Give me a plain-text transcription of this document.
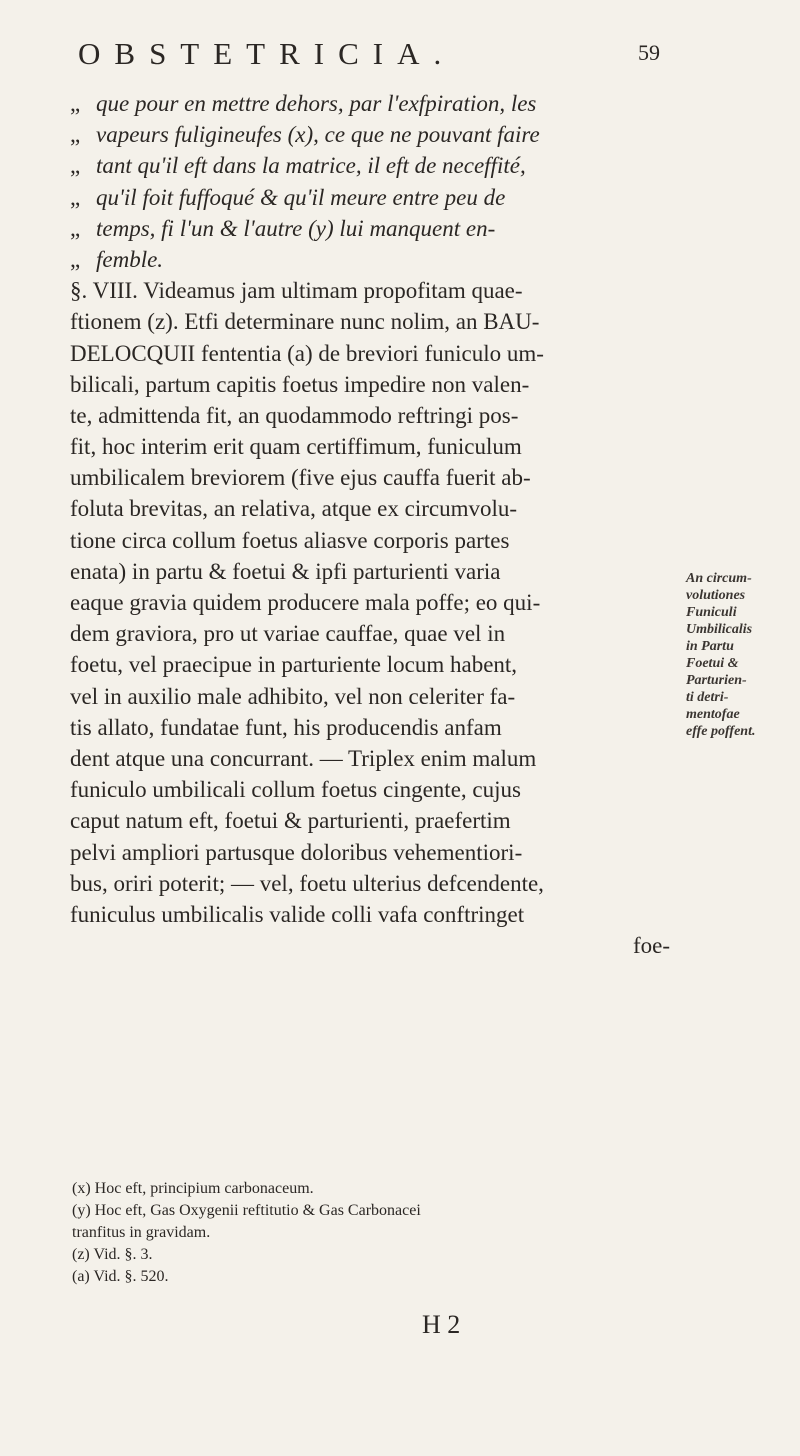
OBSTETRICIA.	59
„ que pour en mettre dehors, par l'exfpiration, les
„ vapeurs fuligineufes (x), ce que ne pouvant faire
„ tant qu'il eft dans la matrice, il eft de neceffité,
„ qu'il foit fuffoqué & qu'il meure entre peu de
„ temps, fi l'un & l'autre (y) lui manquent en-
„ femble.
§. VIII. Videamus jam ultimam propofitam quae-
ftionem (z). Etfi determinare nunc nolim, an BAU-
DELOCQUII fententia (a) de breviori funiculo um-
bilicali, partum capitis foetus impedire non valen-
te, admittenda fit, an quodammodo reftringi pos-
fit, hoc interim erit quam certiffimum, funiculum
umbilicalem breviorem (five ejus cauffa fuerit ab-
foluta brevitas, an relativa, atque ex circumvolu-
tione circa collum foetus aliasve corporis partes
enata) in partu & foetui & ipfi parturienti varia
eaque gravia quidem producere mala poffe; eo qui-
dem graviora, pro ut variae cauffae, quae vel in
foetu, vel praecipue in parturiente locum habent,
vel in auxilio male adhibito, vel non celeriter fa-
tis allato, fundatae funt, his producendis anfam
dent atque una concurrant. — Triplex enim malum
funiculo umbilicali collum foetus cingente, cujus
caput natum eft, foetui & parturienti, praefertim
pelvi ampliori partusque doloribus vehementiori-
bus, oriri poterit; — vel, foetu ulterius defcendente,
funiculus umbilicalis valide colli vafa conftringet
foe-
An circum-
volutiones
Funiculi
Umbilicalis
in Partu
Foetui &
Parturien-
ti detri-
mentofae
effe poffent.
(x) Hoc eft, principium carbonaceum.
(y) Hoc eft, Gas Oxygenii reftitutio & Gas Carbonacei
tranfitus in gravidam.
(z) Vid. §. 3.
(a) Vid. §. 520.
H 2
